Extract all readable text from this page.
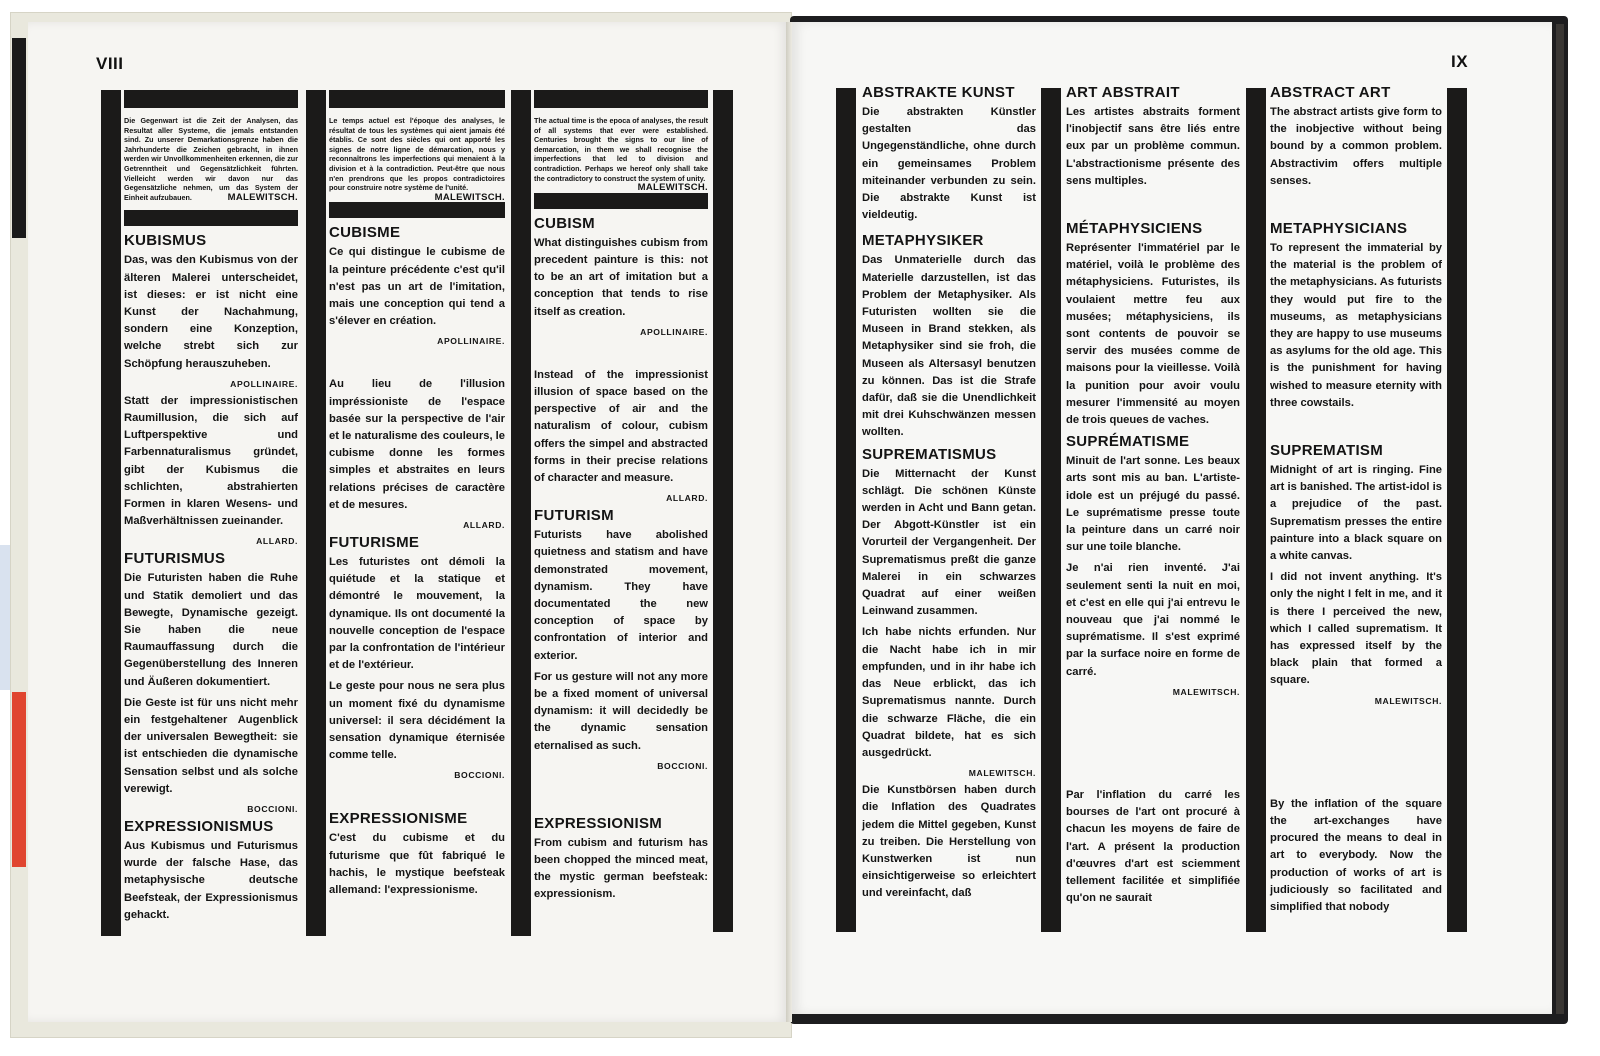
VIII	IX
Die Gegenwart ist die Zeit der Analysen, das Resultat aller Systeme, die jemals entstanden sind. Zu unserer Demarkationsgrenze haben die Jahrhunderte die Zeichen gebracht, in ihnen werden wir Unvollkommenheiten erkennen, die zur Getrenntheit und Gegensätzlichkeit führten. Vielleicht werden wir davon nur das Gegensätzliche nehmen, um das System der Einheit aufzubauen.	MALEWITSCH.
KUBISMUS

Das, was den Kubismus von der älteren Malerei unterscheidet, ist dieses: er ist nicht eine Kunst der Nachahmung, sondern eine Konzeption, welche strebt sich zur Schöpfung herauszuheben.

APOLLINAIRE.

Statt der impressionistischen Raumillusion, die sich auf Luftperspektive und Farbennaturalismus gründet, gibt der Kubismus die schlichten, abstrahierten Formen in klaren Wesens- und Maßverhältnissen zueinander.

ALLARD.
FUTURISMUS

Die Futuristen haben die Ruhe und Statik demoliert und das Bewegte, Dynamische gezeigt. Sie haben die neue Raumauffassung durch die Gegenüberstellung des Inneren und Äußeren dokumentiert.

Die Geste ist für uns nicht mehr ein festgehaltener Augenblick der universalen Bewegtheit: sie ist entschieden die dynamische Sensation selbst und als solche verewigt.

BOCCIONI.
EXPRESSIONISMUS

Aus Kubismus und Futurismus wurde der falsche Hase, das metaphysische deutsche Beefsteak, der Expressionismus gehackt.

Le temps actuel est l'époque des analyses, le résultat de tous les systèmes qui aient jamais été établis. Ce sont des siècles qui ont apporté les signes de notre ligne de démarcation, nous y reconnaîtrons les imperfections qui menaient à la division et à la contradiction. Peut-être que nous n'en prendrons que les propos contradictoires pour construire notre système de l'unité.
MALEWITSCH.
CUBISME

Ce qui distingue le cubisme de la peinture précédente c'est qu'il n'est pas un art de l'imitation, mais une conception qui tend a s'élever en création.

APOLLINAIRE.

Au lieu de l'illusion impréssioniste de l'espace basée sur la perspective de l'air et le naturalisme des couleurs, le cubisme donne les formes simples et abstraites en leurs relations précises de caractère et de mesures.

ALLARD.
FUTURISME

Les futuristes ont démoli la quiétude et la statique et démontré le mouvement, la dynamique. Ils ont documenté la nouvelle conception de l'espace par la confrontation de l'intérieur et de l'extérieur.

Le geste pour nous ne sera plus un moment fixé du dynamisme universel: il sera décidément la sensation dynamique éternisée comme telle.

BOCCIONI.
EXPRESSIONISME

C'est du cubisme et du futurisme que fût fabriqué le hachis, le mystique beefsteak allemand: l'expressionisme.

The actual time is the epoca of analyses, the result of all systems that ever were established. Centuries brought the signs to our line of demarcation, in them we shall recognise the imperfections that led to division and contradiction. Perhaps we hereof only shall take the contradictory to construct the system of unity.
MALEWITSCH.
CUBISM

What distinguishes cubism from precedent painture is this: not to be an art of imitation but a conception that tends to rise itself as creation.

APOLLINAIRE.

Instead of the impressionist illusion of space based on the perspective of air and the naturalism of colour, cubism offers the simpel and abstracted forms in their precise relations of character and measure.

ALLARD.
FUTURISM

Futurists have abolished quietness and statism and have demonstrated movement, dynamism. They have documentated the new conception of space by confrontation of interior and exterior.

For us gesture will not any more be a fixed moment of universal dynamism: it will decidedly be the dynamic sensation eternalised as such.

BOCCIONI.
EXPRESSIONISM

From cubism and futurism has been chopped the minced meat, the mystic german beefsteak: expressionism.

ABSTRAKTE KUNST

Die abstrakten Künstler gestalten das Ungegenständliche, ohne durch ein gemeinsames Problem miteinander verbunden zu sein. Die abstrakte Kunst ist vieldeutig.

METAPHYSIKER

Das Unmaterielle durch das Materielle darzustellen, ist das Problem der Metaphysiker. Als Futuristen wollten sie die Museen in Brand stekken, als Metaphysiker sind sie froh, die Museen als Altersasyl benutzen zu können. Das ist die Strafe dafür, daß sie die Unendlichkeit mit drei Kuhschwänzen messen wollten.

SUPREMATISMUS

Die Mitternacht der Kunst schlägt. Die schönen Künste werden in Acht und Bann getan. Der Abgott-Künstler ist ein Vorurteil der Vergangenheit. Der Suprematismus preßt die ganze Malerei in ein schwarzes Quadrat auf einer weißen Leinwand zusammen.

Ich habe nichts erfunden. Nur die Nacht habe ich in mir empfunden, und in ihr habe ich das Neue erblickt, das ich Suprematismus nannte. Durch die schwarze Fläche, die ein Quadrat bildete, hat es sich ausgedrückt.

MALEWITSCH.

Die Kunstbörsen haben durch die Inflation des Quadrates jedem die Mittel gegeben, Kunst zu treiben. Die Herstellung von Kunstwerken ist nun einsichtigerweise so erleichtert und vereinfacht, daß

ART ABSTRAIT

Les artistes abstraits forment l'inobjectif sans être liés entre eux par un problème commun. L'abstractionisme présente des sens multiples.

MÉTAPHYSICIENS

Représenter l'immatériel par le matériel, voilà le problème des métaphysiciens. Futuristes, ils voulaient mettre feu aux musées; métaphysiciens, ils sont contents de pouvoir se servir des musées comme de maisons pour la vieillesse. Voilà la punition pour avoir voulu mesurer l'immensité au moyen de trois queues de vaches.

SUPRÉMATISME

Minuit de l'art sonne. Les beaux arts sont mis au ban. L'artiste-idole est un préjugé du passé. Le suprématisme presse toute la peinture dans un carré noir sur une toile blanche.

Je n'ai rien inventé. J'ai seulement senti la nuit en moi, et c'est en elle qui j'ai entrevu le nouveau que j'ai nommé le suprématisme. Il s'est exprimé par la surface noire en forme de carré.

MALEWITSCH.

Par l'inflation du carré les bourses de l'art ont procuré à chacun les moyens de faire de l'art. A présent la production d'œuvres d'art est sciemment tellement facilitée et simplifiée qu'on ne saurait

ABSTRACT ART

The abstract artists give form to the inobjective without being bound by a common problem. Abstractivim offers multiple senses.

METAPHYSICIANS

To represent the immaterial by the material is the problem of the metaphysicians. As futurists they would put fire to the museums, as metaphysicians they are happy to use museums as asylums for the old age. This is the punishment for having wished to measure eternity with three cowstails.

SUPREMATISM

Midnight of art is ringing. Fine art is banished. The artist-idol is a prejudice of the past. Suprematism presses the entire painture into a black square on a white canvas.

I did not invent anything. It's only the night I felt in me, and it is there I perceived the new, which I called suprematism. It has expressed itself by the black plain that formed a square.

MALEWITSCH.

By the inflation of the square the art-exchanges have procured the means to deal in art to everybody. Now the production of works of art is judiciously so facilitated and simplified that nobody
